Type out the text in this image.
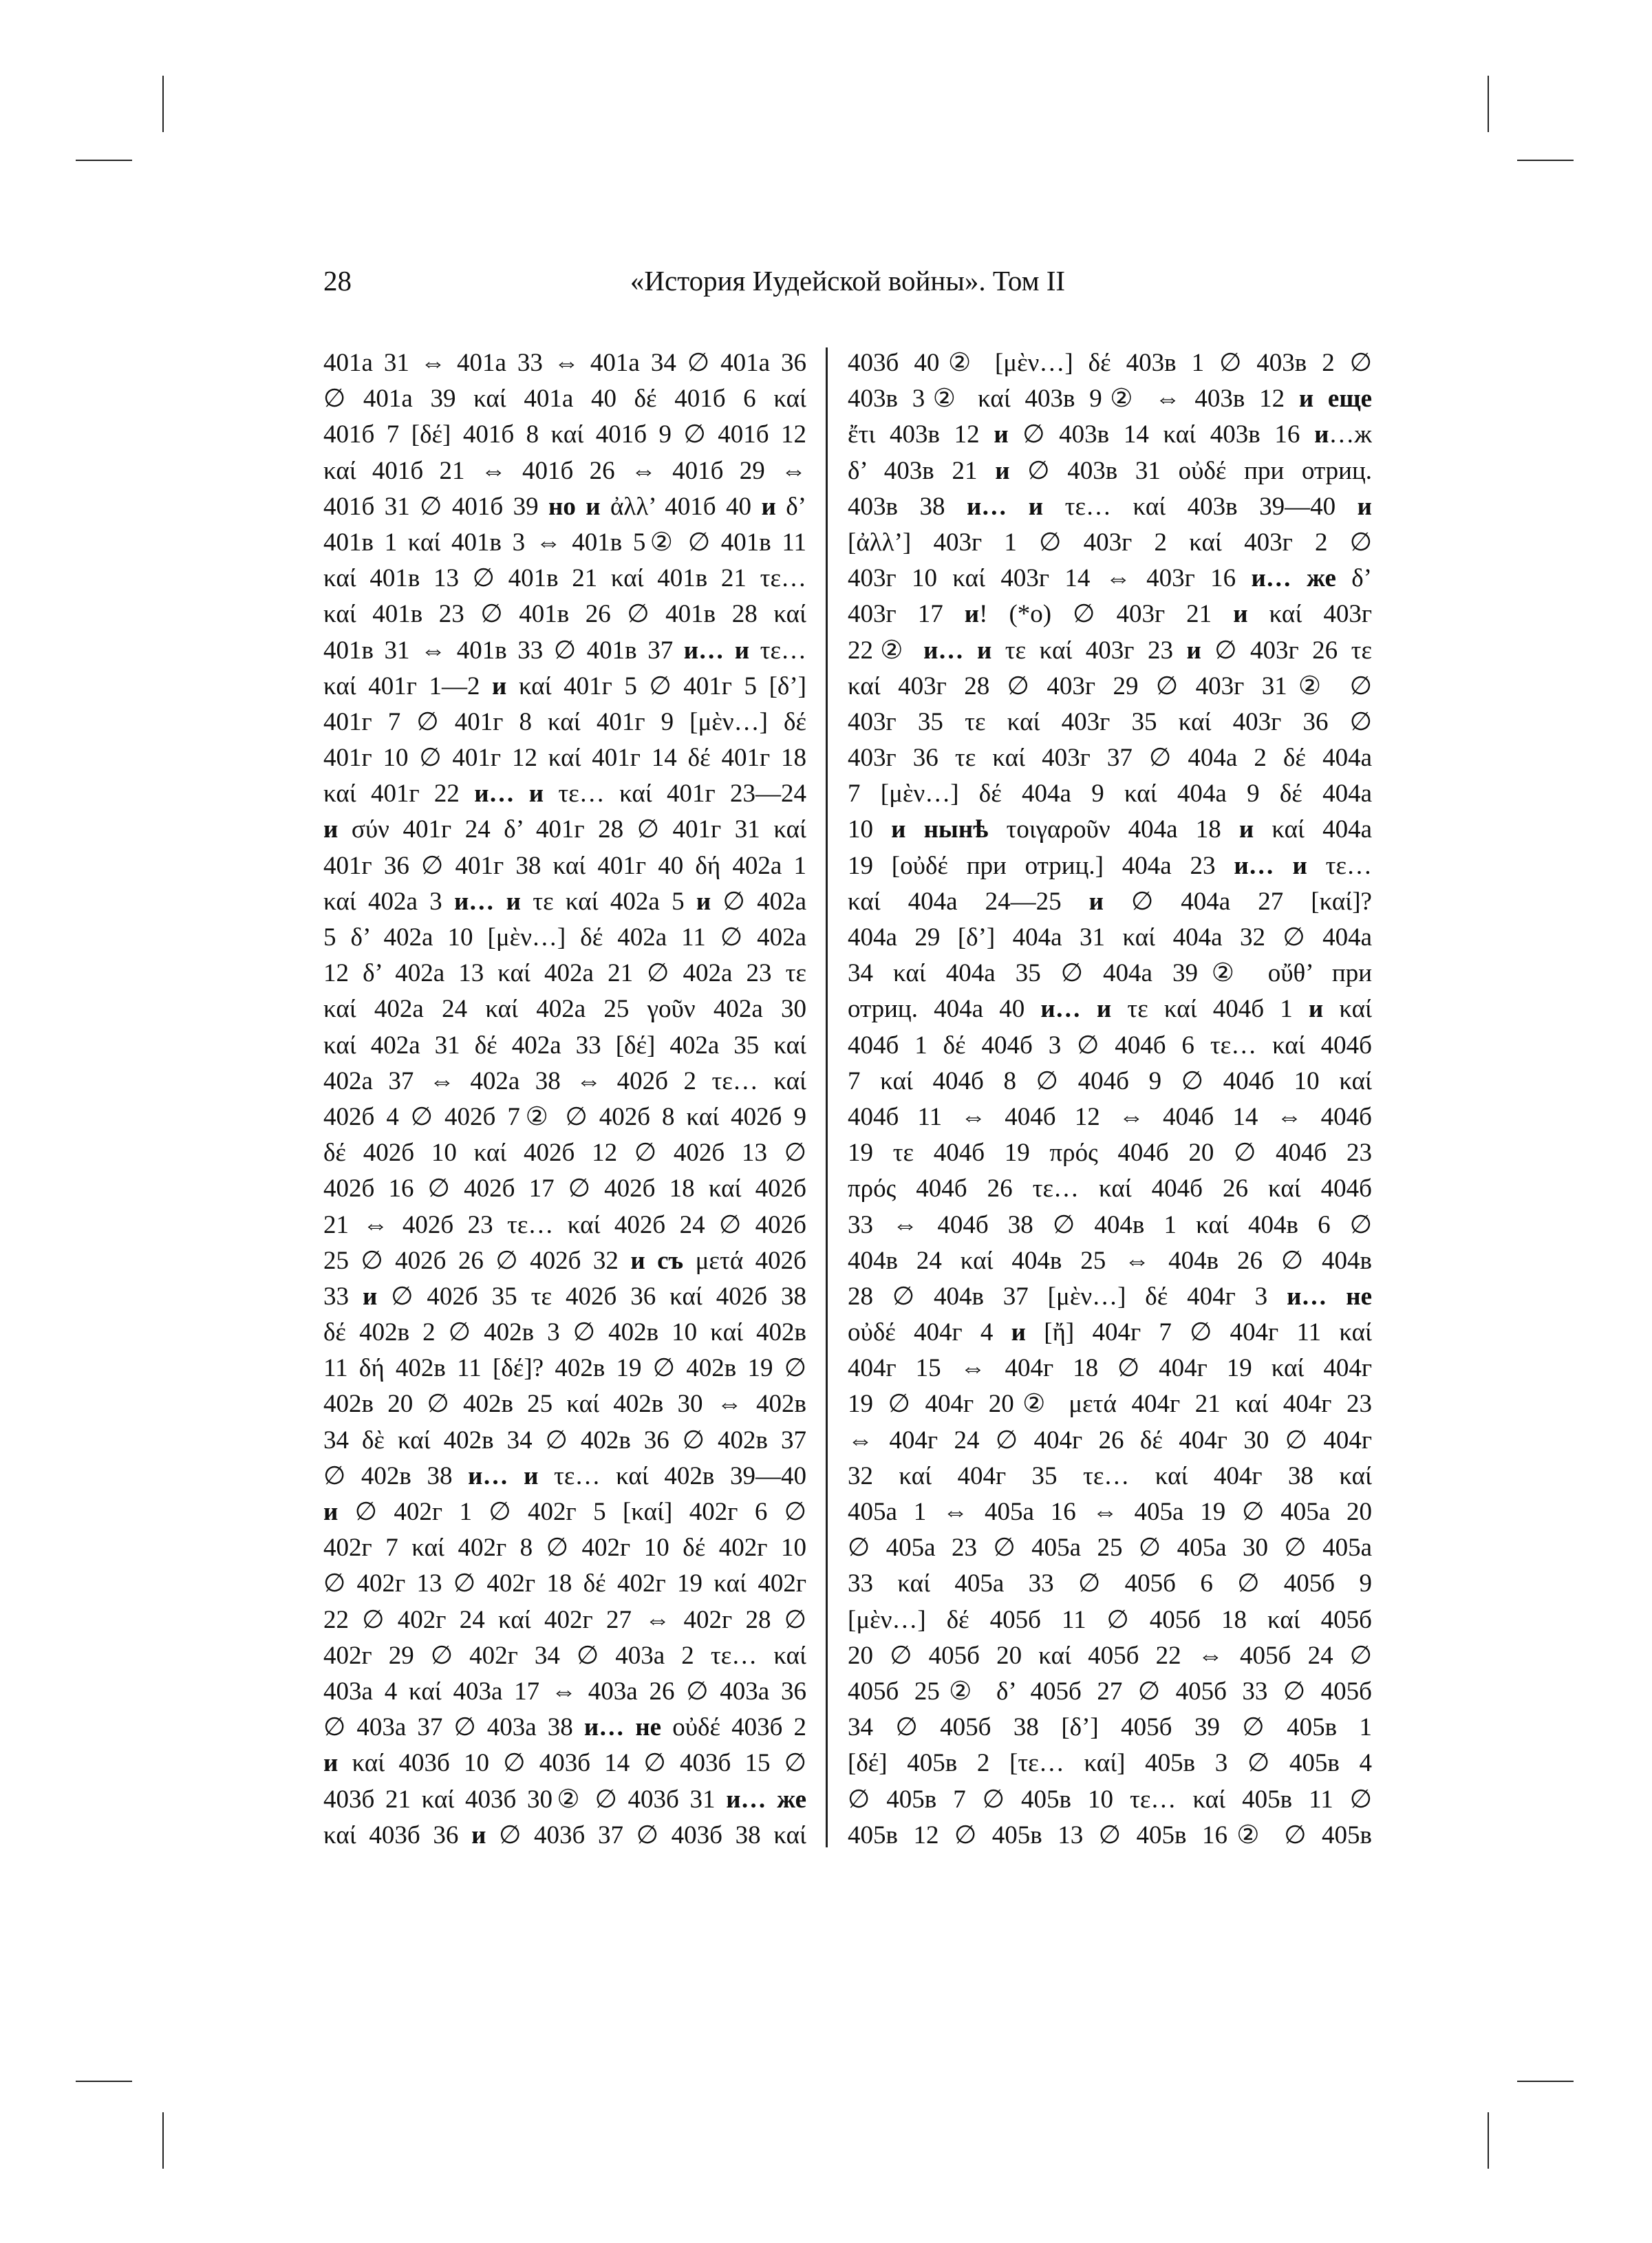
28	«История Иудейской войны». Том II
401а 31 ⇔ 401а 33 ⇔ 401а 34 ∅ 401а 36
∅ 401а 39 καί 401а 40 δέ 401б 6 καί
401б 7 [δέ] 401б 8 καί 401б 9 ∅ 401б 12
καί 401б 21 ⇔ 401б 26 ⇔ 401б 29 ⇔
401б 31 ∅ 401б 39 но и ἀλλ’ 401б 40 и δ’
401в 1 καί 401в 3 ⇔ 401в 5② ∅ 401в 11
καί 401в 13 ∅ 401в 21 καί 401в 21 τε…
καί 401в 23 ∅ 401в 26 ∅ 401в 28 καί
401в 31 ⇔ 401в 33 ∅ 401в 37 и… и τε…
καί 401г 1—2 и καί 401г 5 ∅ 401г 5 [δ’]
401г 7 ∅ 401г 8 καί 401г 9 [μὲν…] δέ
401г 10 ∅ 401г 12 καί 401г 14 δέ 401г 18
καί 401г 22 и… и τε… καί 401г 23—24
и σύν 401г 24 δ’ 401г 28 ∅ 401г 31 καί
401г 36 ∅ 401г 38 καί 401г 40 δή 402а 1
καί 402а 3 и… и τε καί 402а 5 и ∅ 402а
5 δ’ 402а 10 [μὲν…] δέ 402а 11 ∅ 402а
12 δ’ 402а 13 καί 402а 21 ∅ 402а 23 τε
καί 402а 24 καί 402а 25 γοῦν 402а 30
καί 402а 31 δέ 402а 33 [δέ] 402а 35 καί
402а 37 ⇔ 402а 38 ⇔ 402б 2 τε… καί
402б 4 ∅ 402б 7② ∅ 402б 8 καί 402б 9
δέ 402б 10 καί 402б 12 ∅ 402б 13 ∅
402б 16 ∅ 402б 17 ∅ 402б 18 καί 402б
21 ⇔ 402б 23 τε… καί 402б 24 ∅ 402б
25 ∅ 402б 26 ∅ 402б 32 и съ μετά 402б
33 и ∅ 402б 35 τε 402б 36 καί 402б 38
δέ 402в 2 ∅ 402в 3 ∅ 402в 10 καί 402в
11 δή 402в 11 [δέ]? 402в 19 ∅ 402в 19 ∅
402в 20 ∅ 402в 25 καί 402в 30 ⇔ 402в
34 δὲ καί 402в 34 ∅ 402в 36 ∅ 402в 37
∅ 402в 38 и… и τε… καί 402в 39—40
и ∅ 402г 1 ∅ 402г 5 [καί] 402г 6 ∅
402г 7 καί 402г 8 ∅ 402г 10 δέ 402г 10
∅ 402г 13 ∅ 402г 18 δέ 402г 19 καί 402г
22 ∅ 402г 24 καί 402г 27 ⇔ 402г 28 ∅
402г 29 ∅ 402г 34 ∅ 403а 2 τε… καί
403а 4 καί 403а 17 ⇔ 403а 26 ∅ 403а 36
∅ 403а 37 ∅ 403а 38 и… не οὐδέ 403б 2
и καί 403б 10 ∅ 403б 14 ∅ 403б 15 ∅
403б 21 καί 403б 30② ∅ 403б 31 и… же
καί 403б 36 и ∅ 403б 37 ∅ 403б 38 καί
403б 40② [μὲν…] δέ 403в 1 ∅ 403в 2 ∅
403в 3② καί 403в 9② ⇔ 403в 12 и еще
ἔτι 403в 12 и ∅ 403в 14 καί 403в 16 и…ж
δ’ 403в 21 и ∅ 403в 31 οὐδέ при отриц.
403в 38 и… и τε… καί 403в 39—40 и
[ἀλλ’] 403г 1 ∅ 403г 2 καί 403г 2 ∅
403г 10 καί 403г 14 ⇔ 403г 16 и… же δ’
403г 17 и! (*о) ∅ 403г 21 и καί 403г
22② и… и τε καί 403г 23 и ∅ 403г 26 τε
καί 403г 28 ∅ 403г 29 ∅ 403г 31② ∅
403г 35 τε καί 403г 35 καί 403г 36 ∅
403г 36 τε καί 403г 37 ∅ 404а 2 δέ 404а
7 [μὲν…] δέ 404а 9 καί 404а 9 δέ 404а
10 и нынѣ τοιγαροῦν 404а 18 и καί 404а
19 [οὐδέ при отриц.] 404а 23 и… и τε…
καί 404а 24—25 и ∅ 404а 27 [καί]?
404а 29 [δ’] 404а 31 καί 404а 32 ∅ 404а
34 καί 404а 35 ∅ 404а 39② οὔθ’ при
отриц. 404а 40 и… и τε καί 404б 1 и καί
404б 1 δέ 404б 3 ∅ 404б 6 τε… καί 404б
7 καί 404б 8 ∅ 404б 9 ∅ 404б 10 καί
404б 11 ⇔ 404б 12 ⇔ 404б 14 ⇔ 404б
19 τε 404б 19 πρός 404б 20 ∅ 404б 23
πρός 404б 26 τε… καί 404б 26 καί 404б
33 ⇔ 404б 38 ∅ 404в 1 καί 404в 6 ∅
404в 24 καί 404в 25 ⇔ 404в 26 ∅ 404в
28 ∅ 404в 37 [μὲν…] δέ 404г 3 и… не
οὐδέ 404г 4 и [ἤ] 404г 7 ∅ 404г 11 καί
404г 15 ⇔ 404г 18 ∅ 404г 19 καί 404г
19 ∅ 404г 20② μετά 404г 21 καί 404г 23
⇔ 404г 24 ∅ 404г 26 δέ 404г 30 ∅ 404г
32 καί 404г 35 τε… καί 404г 38 καί
405а 1 ⇔ 405а 16 ⇔ 405а 19 ∅ 405а 20
∅ 405а 23 ∅ 405а 25 ∅ 405а 30 ∅ 405а
33 καί 405а 33 ∅ 405б 6 ∅ 405б 9
[μὲν…] δέ 405б 11 ∅ 405б 18 καί 405б
20 ∅ 405б 20 καί 405б 22 ⇔ 405б 24 ∅
405б 25② δ’ 405б 27 ∅ 405б 33 ∅ 405б
34 ∅ 405б 38 [δ’] 405б 39 ∅ 405в 1
[δέ] 405в 2 [τε… καί] 405в 3 ∅ 405в 4
∅ 405в 7 ∅ 405в 10 τε… καί 405в 11 ∅
405в 12 ∅ 405в 13 ∅ 405в 16② ∅ 405в
